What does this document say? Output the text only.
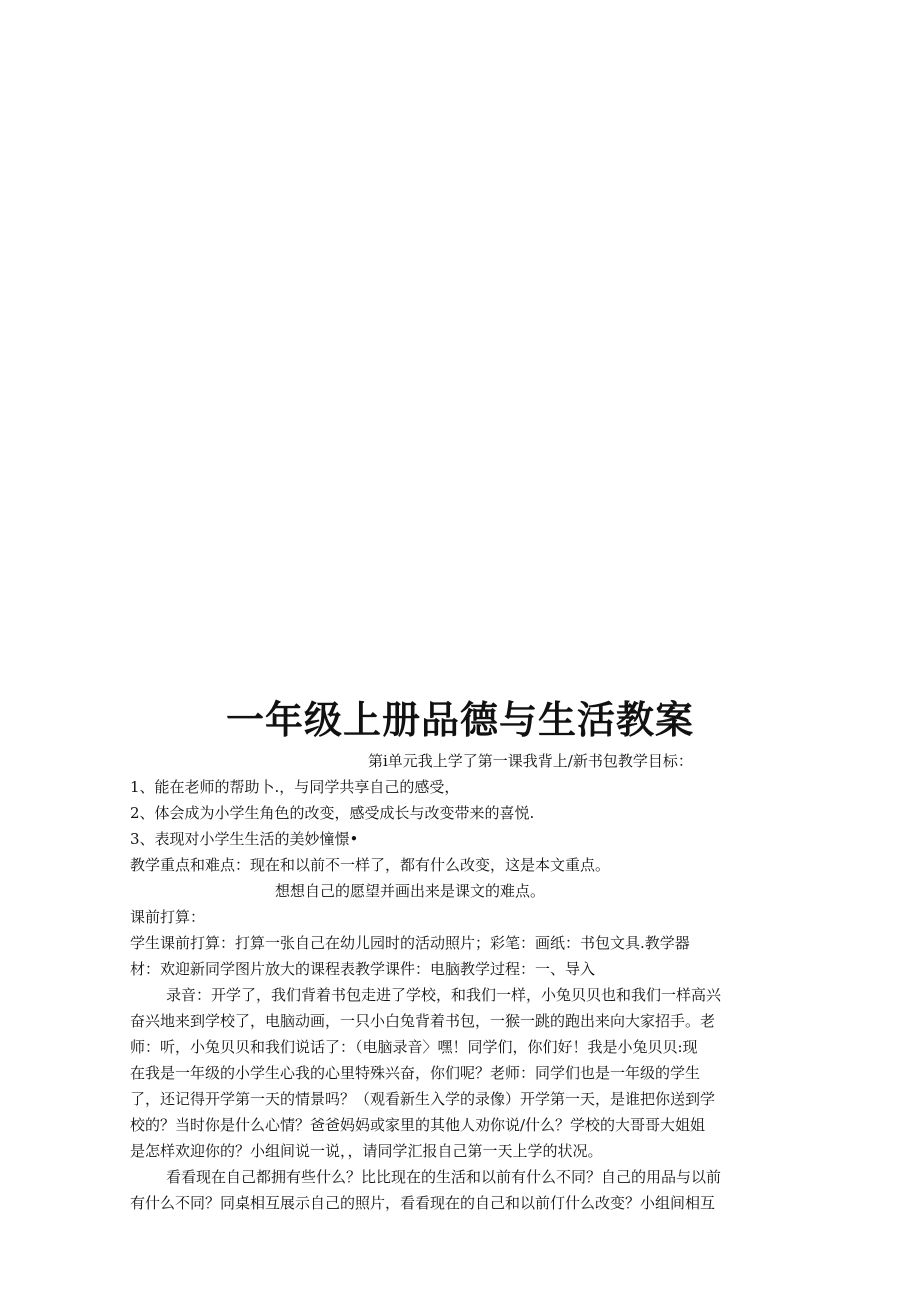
一年级上册品德与生活教案
第i单元我上学了第一课我背上/新书包教学目标：
1、能在老师的帮助卜.，与同学共享自己的感受，
2、体会成为小学生角色的改变，感受成长与改变带来的喜悦.
3、表现对小学生生活的美妙憧憬•
教学重点和难点：现在和以前不一样了，都有什么改变，这是本文重点。
想想自己的愿望并画出来是课文的难点。
课前打算：
学生课前打算：打算一张自己在幼儿园时的活动照片；彩笔：画纸：书包文具.教学器
材：欢迎新同学图片放大的课程表教学课件：电脑教学过程：一、导入
录音：开学了，我们背着书包走进了学校，和我们一样，小兔贝贝也和我们一样高兴
奋兴地来到学校了，电脑动画，一只小白兔背着书包，一猴一跳的跑出来向大家招手。老
师：听，小兔贝贝和我们说话了：（电脑录音〉嘿！同学们，你们好！我是小兔贝贝:现
在我是一年级的小学生心我的心里特殊兴奋，你们呢？老师：同学们也是一年级的学生
了，还记得开学第一天的情景吗？（观看新生入学的录像）开学第一天，是谁把你送到学
校的？当时你是什么心情？爸爸妈妈或家里的其他人劝你说/什么？学校的大哥哥大姐姐
是怎样欢迎你的？小组间说一说，，请同学汇报自己第一天上学的状况。
看看现在自己都拥有些什么？比比现在的生活和以前有什么不同？自己的用品与以前
有什么不同？同桌相互展示自己的照片，看看现在的自己和以前仃什么改变？小组间相互
